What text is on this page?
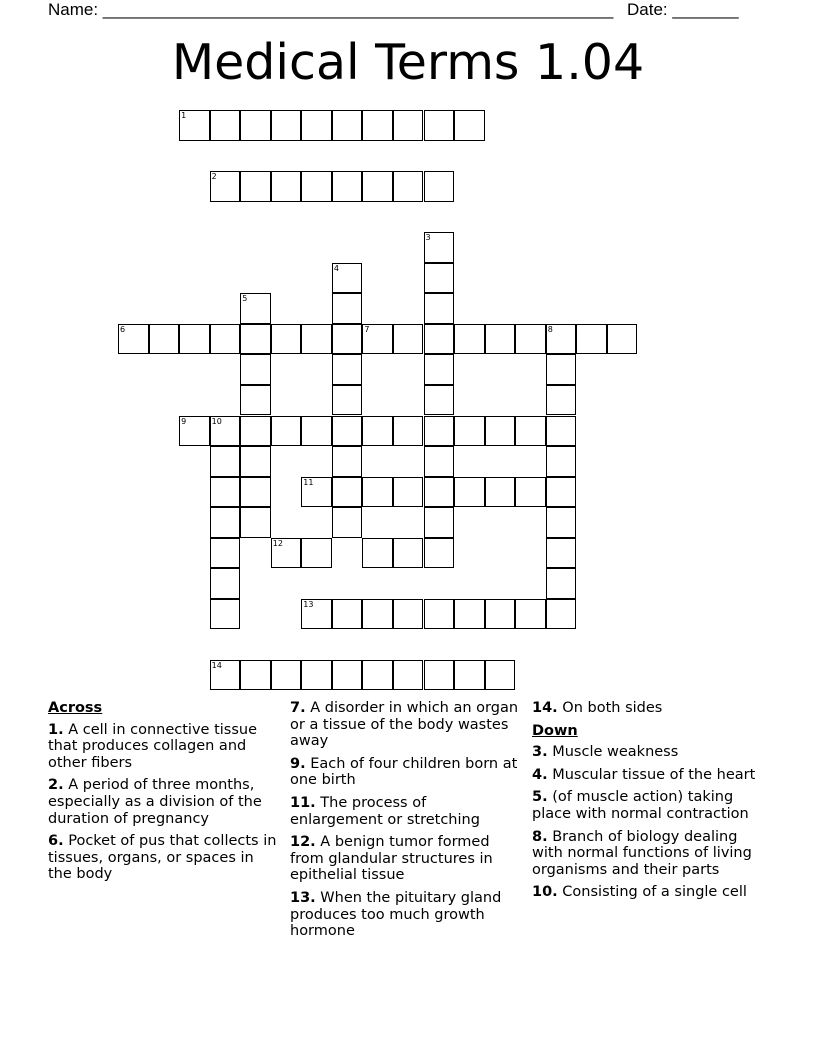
Name: ______________________________________________________ Date: _______
Medical Terms 1.04
1
2
3
4
5
6	7	8
9	10
11
12
13
14
Across
1. A cell in connective tissue that produces collagen and other fibers
2. A period of three months, especially as a division of the duration of pregnancy
6. Pocket of pus that collects in tissues, organs, or spaces in the body
7. A disorder in which an organ or a tissue of the body wastes away
9. Each of four children born at one birth
11. The process of enlargement or stretching
12. A benign tumor formed from glandular structures in epithelial tissue
13. When the pituitary gland produces too much growth hormone
14. On both sides
Down
3. Muscle weakness
4. Muscular tissue of the heart
5. (of muscle action) taking place with normal contraction
8. Branch of biology dealing with normal functions of living organisms and their parts
10. Consisting of a single cell
